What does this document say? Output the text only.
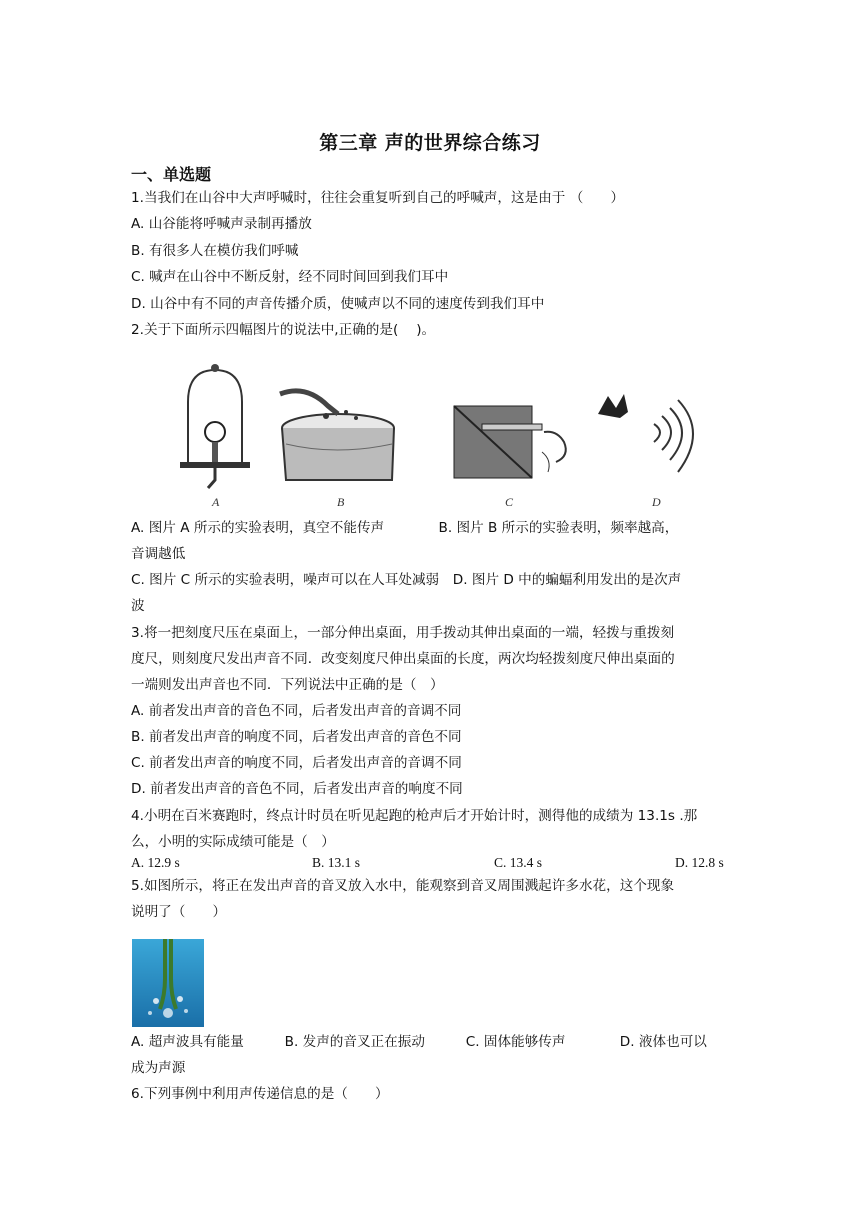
第三章 声的世界综合练习
一、单选题
1.当我们在山谷中大声呼喊时，往往会重复听到自己的呼喊声，这是由于 （　　）
A. 山谷能将呼喊声录制再播放
B. 有很多人在模仿我们呼喊
C. 喊声在山谷中不断反射，经不同时间回到我们耳中
D. 山谷中有不同的声音传播介质，使喊声以不同的速度传到我们耳中
2.关于下面所示四幅图片的说法中,正确的是(　 )。
A	B	C	D
A. 图片 A 所示的实验表明，真空不能传声　　　　B. 图片 B 所示的实验表明，频率越高，
音调越低
C. 图片 C 所示的实验表明，噪声可以在人耳处减弱　D. 图片 D 中的蝙蝠利用发出的是次声
波
3.将一把刻度尺压在桌面上，一部分伸出桌面，用手拨动其伸出桌面的一端，轻拨与重拨刻
度尺，则刻度尺发出声音不同．改变刻度尺伸出桌面的长度，两次均轻拨刻度尺伸出桌面的
一端则发出声音也不同．下列说法中正确的是（　）
A. 前者发出声音的音色不同，后者发出声音的音调不同
B. 前者发出声音的响度不同，后者发出声音的音色不同
C. 前者发出声音的响度不同，后者发出声音的音调不同
D. 前者发出声音的音色不同，后者发出声音的响度不同
4.小明在百米赛跑时，终点计时员在听见起跑的枪声后才开始计时，测得他的成绩为 13.1s .那
么，小明的实际成绩可能是（　）
A. 12.9 s	B. 13.1 s	C. 13.4 s	D. 12.8 s
5.如图所示，将正在发出声音的音叉放入水中，能观察到音叉周围溅起许多水花，这个现象
说明了（　　）
A. 超声波具有能量　　　B. 发声的音叉正在振动　　　C. 固体能够传声　　　　D. 液体也可以
成为声源
6.下列事例中利用声传递信息的是（　　）
